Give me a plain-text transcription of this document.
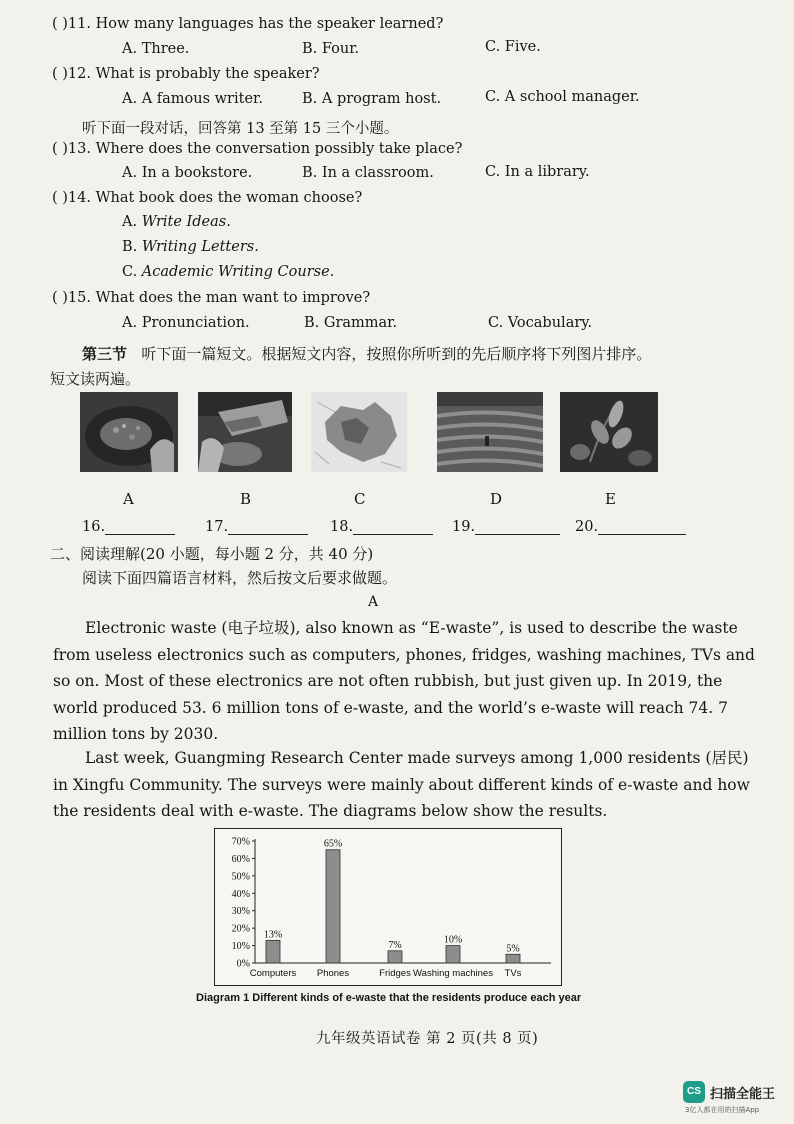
( )11. How many languages has the speaker learned?
A. Three.	B. Four.	C. Five.
( )12. What is probably the speaker?
A. A famous writer.	B. A program host.	C. A school manager.
听下面一段对话，回答第 13 至第 15 三个小题。
( )13. Where does the conversation possibly take place?
A. In a bookstore.	B. In a classroom.	C. In a library.
( )14. What book does the woman choose?
A. Write Ideas.
B. Writing Letters.
C. Academic Writing Course.
( )15. What does the man want to improve?
A. Pronunciation.	B. Grammar.	C. Vocabulary.
第三节 听下面一篇短文。根据短文内容，按照你所听到的先后顺序将下列图片排序。
短文读两遍。
A	B	C	D	E
16.	17.	18.	19.	20.
二、阅读理解(20 小题，每小题 2 分，共 40 分)
阅读下面四篇语言材料，然后按文后要求做题。
A
Electronic waste (电子垃圾), also known as “E-waste”, is used to describe the waste
from useless electronics such as computers, phones, fridges, washing machines, TVs and
so on. Most of these electronics are not often rubbish, but just given up. In 2019, the
world produced 53. 6 million tons of e-waste, and the world’s e-waste will reach 74. 7
million tons by 2030.
Last week, Guangming Research Center made surveys among 1,000 residents (居民)
in Xingfu Community. The surveys were mainly about different kinds of e-waste and how
the residents deal with e-waste. The diagrams below show the results.
0%
10%
20%
30%
40%
50%
60%
70%
13%
Computers
65%
Phones
7%
Fridges
10%
Washing machines
5%
TVs
Diagram 1 Different kinds of e-waste that the residents produce each year
九年级英语试卷 第 2 页(共 8 页)
CS 扫描全能王
3亿人都在用的扫描App
